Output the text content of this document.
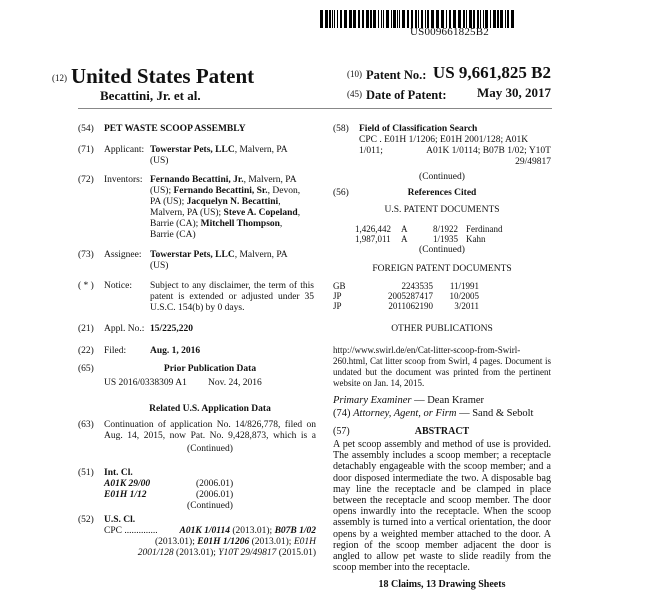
US009661825B2
(12) United States Patent
Becattini, Jr. et al.
(10) Patent No.: US 9,661,825 B2
(45) Date of Patent: May 30, 2017
(54) PET WASTE SCOOP ASSEMBLY
(71) Applicant: Towerstar Pets, LLC, Malvern, PA
(US)
(72) Inventors: Fernando Becattini, Jr., Malvern, PA
(US); Fernando Becattini, Sr., Devon,
PA (US); Jacquelyn N. Becattini,
Malvern, PA (US); Steve A. Copeland,
Barrie (CA); Mitchell Thompson,
Barrie (CA)
(73) Assignee: Towerstar Pets, LLC, Malvern, PA
(US)
( * ) Notice: Subject to any disclaimer, the term of this patent is extended or adjusted under 35 U.S.C. 154(b) by 0 days.
(21) Appl. No.: 15/225,220
(22) Filed:	Aug. 1, 2016
(65)	Prior Publication Data
US 2016/0338309 A1 Nov. 24, 2016
Related U.S. Application Data
(63) Continuation of application No. 14/826,778, filed on Aug. 14, 2015, now Pat. No. 9,428,873, which is a
(Continued)
(51) Int. Cl.
A01K 29/00	(2006.01)
E01H 1/12	(2006.01)
(Continued)
(52) U.S. Cl.
CPC .............. A01K 1/0114 (2013.01); B07B 1/02
(2013.01); E01H 1/1206 (2013.01); E01H
2001/128 (2013.01); Y10T 29/49817 (2015.01)
(58) Field of Classification Search
CPC . E01H 1/1206; E01H 2001/128; A01K 1/011;	A01K 1/0114; B07B 1/02; Y10T
29/49817
(Continued)
(56)	References Cited
U.S. PATENT DOCUMENTS
1,426,442 A	8/1922 Ferdinand
1,987,011 A	1/1935 Kahn
(Continued)
FOREIGN PATENT DOCUMENTS
GB	2243535 11/1991
JP	2005287417 10/2005
JP	2011062190 3/2011
OTHER PUBLICATIONS
http://www.swirl.de/en/Cat-litter-scoop-from-Swirl-260.html, Cat litter scoop from Swirl, 4 pages. Document is undated but the document was printed from the pertinent website on Jan. 14, 2015.
Primary Examiner — Dean Kramer
(74) Attorney, Agent, or Firm — Sand & Sebolt
(57)	ABSTRACT
A pet scoop assembly and method of use is provided. The assembly includes a scoop member; a receptacle detachably engageable with the scoop member; and a door disposed intermediate the two. A disposable bag may line the receptacle and be clamped in place between the receptacle and scoop member. The door opens inwardly into the receptacle. When the scoop assembly is turned into a vertical orientation, the door opens by a weighted member attached to the door. A region of the scoop member adjacent the door is angled to allow pet waste to slide readily from the scoop member into the receptacle.
18 Claims, 13 Drawing Sheets
